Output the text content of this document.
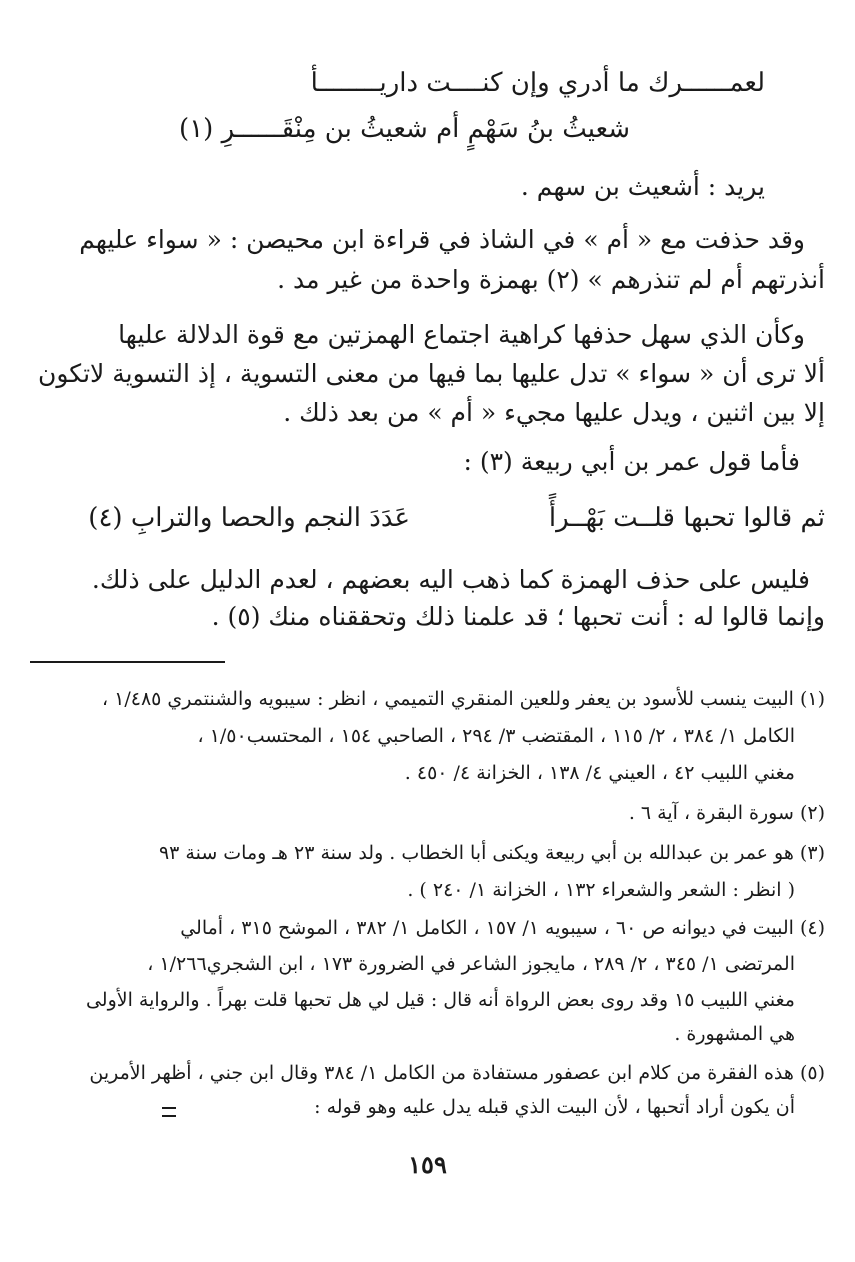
لعمــــــرك ما أدري وإن كنــــت داريــــــــأ
شعيثُ بنُ سَهْمٍ أم شعيثُ بن مِنْقَــــــرِ (١)
يريد : أشعيث بن سهم .
وقد حذفت مع « أم » في الشاذ في قراءة ابن محيصن : « سواء عليهم
أنذرتهم أم لم تنذرهم » (٢) بهمزة واحدة من غير مد .
وكأن الذي سهل حذفها كراهية اجتماع الهمزتين مع قوة الدلالة عليها
ألا ترى أن « سواء » تدل عليها بما فيها من معنى التسوية ، إذ التسوية لاتكون
إلا بين اثنين ، ويدل عليها مجيء « أم » من بعد ذلك .
فأما قول عمر بن أبي ربيعة (٣) :
ثم قالوا تحبها قلــت بَهْــرأً
عَدَدَ النجم والحصا والترابِ (٤)
فليس على حذف الهمزة كما ذهب اليه بعضهم ، لعدم الدليل على ذلك.
وإنما قالوا له : أنت تحبها ؛ قد علمنا ذلك وتحققناه منك (٥) .
(١) البيت ينسب للأسود بن يعفر وللعين المنقري التميمي ، انظر : سيبويه والشنتمري ١/٤٨٥ ،
الكامل ١/ ٣٨٤ ، ٢/ ١١٥ ، المقتضب ٣/ ٢٩٤ ، الصاحبي ١٥٤ ، المحتسب١/٥٠ ،
مغني اللبيب ٤٢ ، العيني ٤/ ١٣٨ ، الخزانة ٤/ ٤٥٠ .
(٢) سورة البقرة ، آية ٦ .
(٣) هو عمر بن عبدالله بن أبي ربيعة ويكنى أبا الخطاب . ولد سنة ٢٣ هـ ومات سنة ٩٣
( انظر : الشعر والشعراء ١٣٢ ، الخزانة ١/ ٢٤٠ ) .
(٤) البيت في ديوانه ص ٦٠ ، سيبويه ١/ ١٥٧ ، الكامل ١/ ٣٨٢ ، الموشح ٣١٥ ، أمالي
المرتضى ١/ ٣٤٥ ، ٢/ ٢٨٩ ، مايجوز الشاعر في الضرورة ١٧٣ ، ابن الشجري١/٢٦٦ ،
مغني اللبيب ١٥ وقد روى بعض الرواة أنه قال : قيل لي هل تحبها قلت بهراً . والرواية الأولى
هي المشهورة .
(٥) هذه الفقرة من كلام ابن عصفور مستفادة من الكامل ١/ ٣٨٤ وقال ابن جني ، أظهر الأمرين
أن يكون أراد أتحبها ، لأن البيت الذي قبله يدل عليه وهو قوله :
١٥٩
